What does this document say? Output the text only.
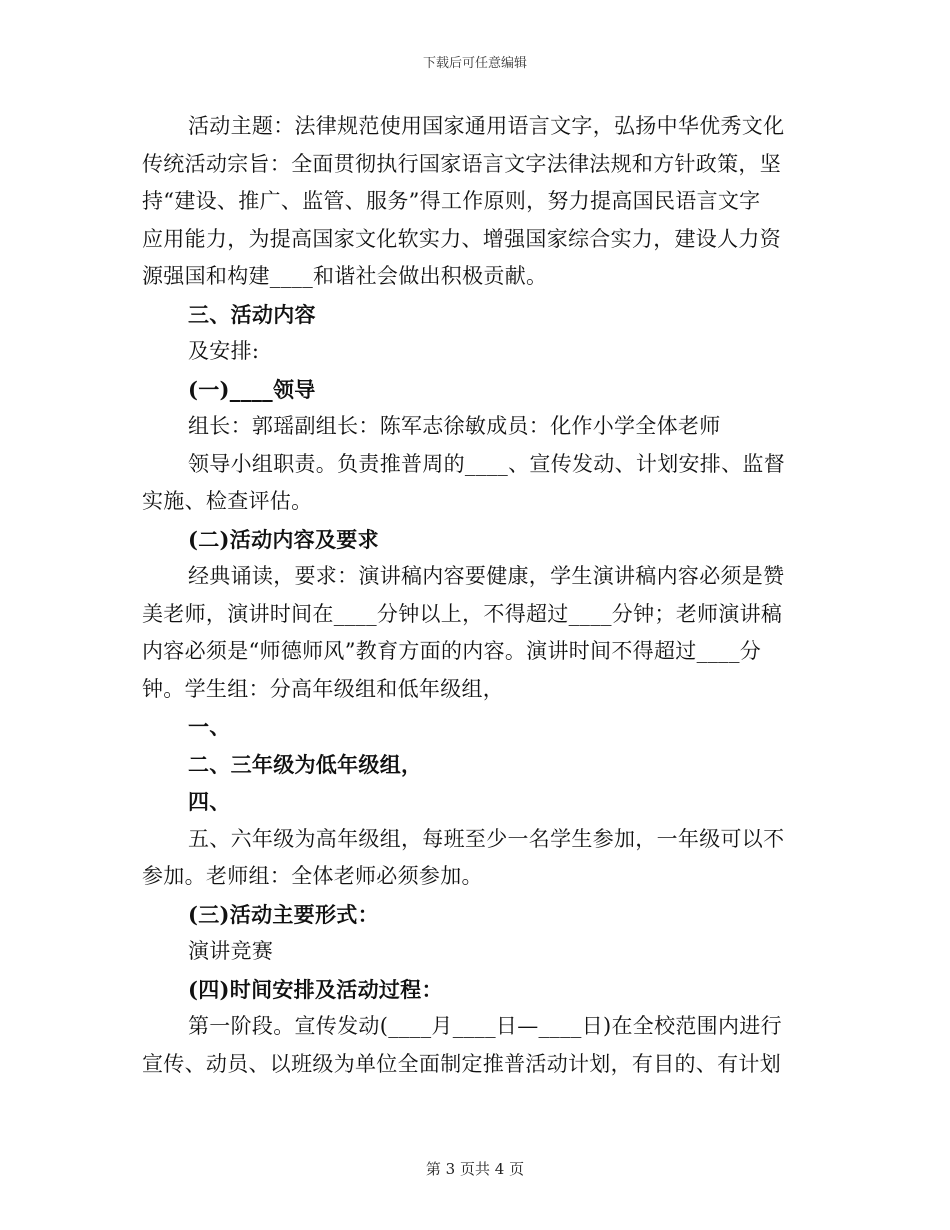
下载后可任意编辑
活动主题：法律规范使用国家通用语言文字，弘扬中华优秀文化
传统活动宗旨：全面贯彻执行国家语言文字法律法规和方针政策，坚
持“建设、推广、监管、服务”得工作原则，努力提高国民语言文字
应用能力，为提高国家文化软实力、增强国家综合实力，建设人力资
源强国和构建____和谐社会做出积极贡献。
三、活动内容
及安排:
(一)____领导
组长：郭瑶副组长：陈军志徐敏成员：化作小学全体老师
领导小组职责。负责推普周的____、宣传发动、计划安排、监督
实施、检查评估。
(二)活动内容及要求
经典诵读，要求：演讲稿内容要健康，学生演讲稿内容必须是赞
美老师，演讲时间在____分钟以上，不得超过____分钟；老师演讲稿
内容必须是“师德师风”教育方面的内容。演讲时间不得超过____分
钟。学生组：分高年级组和低年级组，
一、
二、三年级为低年级组，
四、
五、六年级为高年级组，每班至少一名学生参加，一年级可以不
参加。老师组：全体老师必须参加。
(三)活动主要形式：
演讲竞赛
(四)时间安排及活动过程：
第一阶段。宣传发动(____月____日—____日)在全校范围内进行
宣传、动员、以班级为单位全面制定推普活动计划，有目的、有计划
第 3 页共 4 页
